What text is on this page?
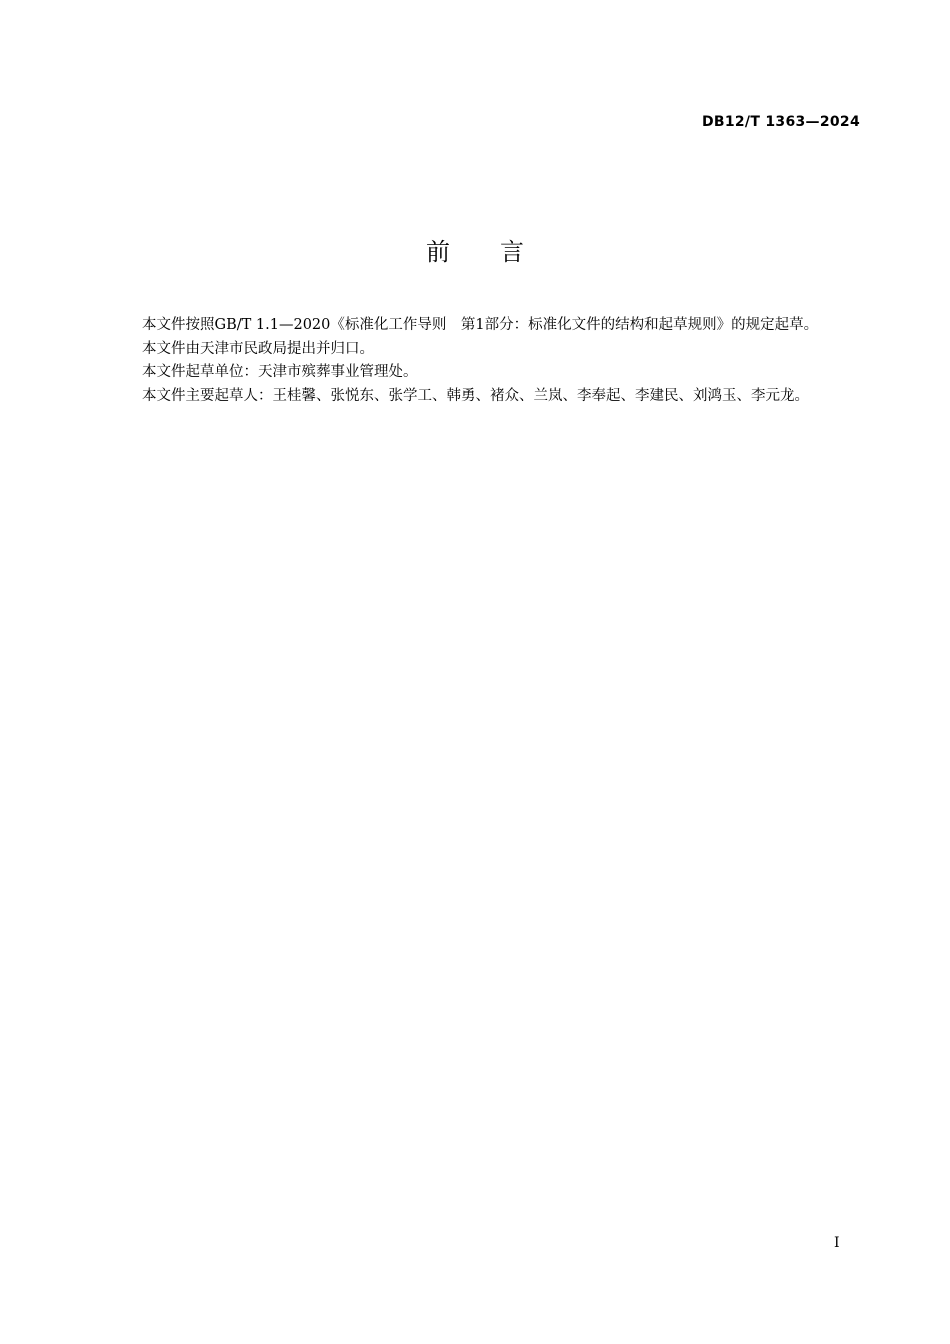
DB12/T 1363—2024
前言

本文件按照GB/T 1.1—2020《标准化工作导则　第1部分：标准化文件的结构和起草规则》的规定起草。

本文件由天津市民政局提出并归口。

本文件起草单位：天津市殡葬事业管理处。

本文件主要起草人：王桂馨、张悦东、张学工、韩勇、褚众、兰岚、李奉起、李建民、刘鸿玉、李元龙。

I
